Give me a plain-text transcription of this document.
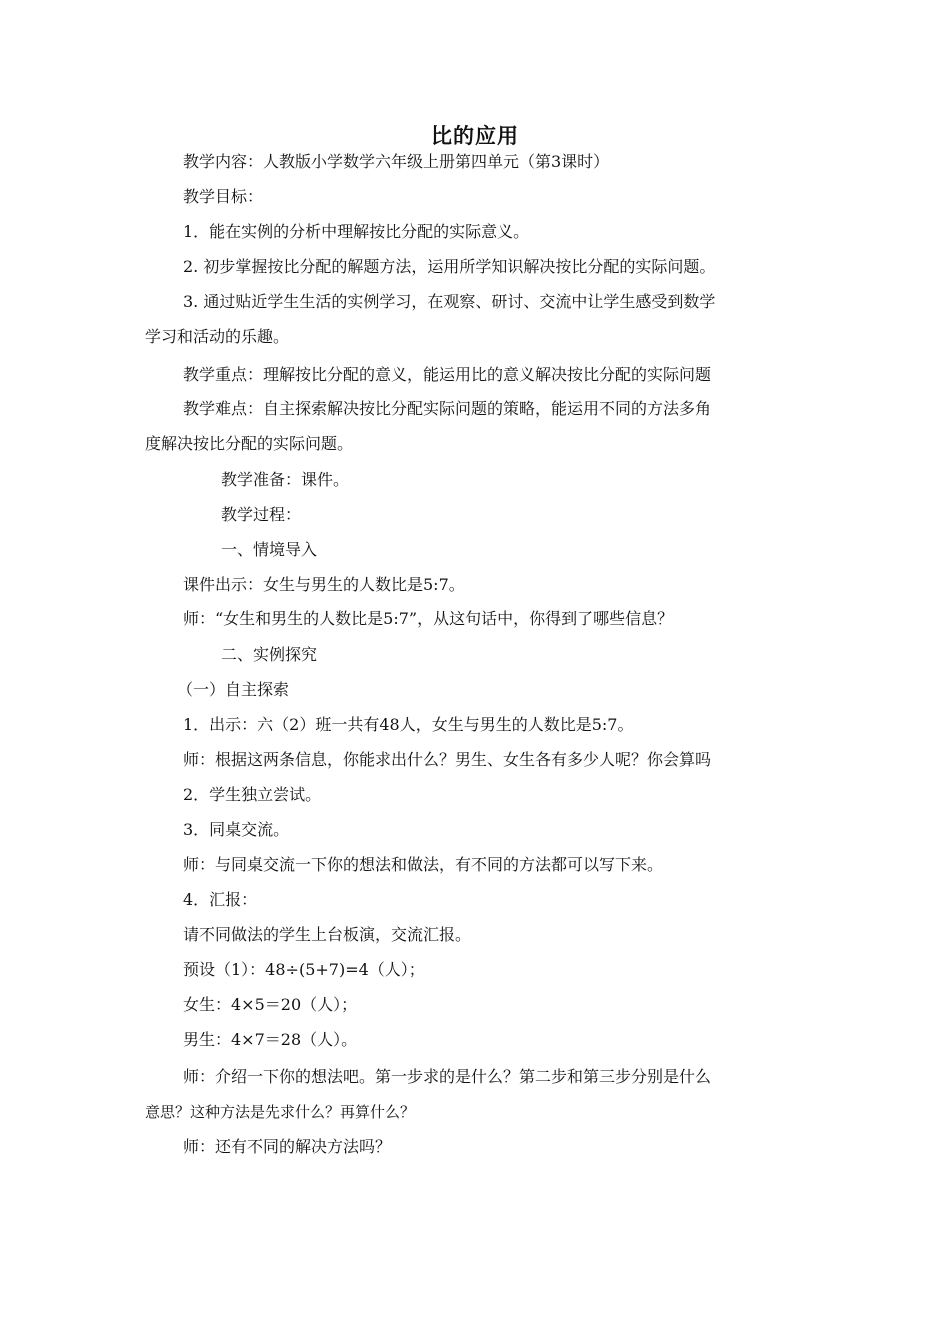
比的应用
教学内容：人教版小学数学六年级上册第四单元（第3课时）
教学目标：
1．能在实例的分析中理解按比分配的实际意义。
2. 初步掌握按比分配的解题方法，运用所学知识解决按比分配的实际问题。
3. 通过贴近学生生活的实例学习，在观察、研讨、交流中让学生感受到数学
学习和活动的乐趣。
教学重点：理解按比分配的意义，能运用比的意义解决按比分配的实际问题
教学难点：自主探索解决按比分配实际问题的策略，能运用不同的方法多角
度解决按比分配的实际问题。
教学准备：课件。
教学过程：
一、情境导入
课件出示：女生与男生的人数比是5:7。
师：“女生和男生的人数比是5:7”，从这句话中，你得到了哪些信息？
二、实例探究
（一）自主探索
1．出示：六（2）班一共有48人，女生与男生的人数比是5:7。
师：根据这两条信息，你能求出什么？男生、女生各有多少人呢？你会算吗
2．学生独立尝试。
3．同桌交流。
师：与同桌交流一下你的想法和做法，有不同的方法都可以写下来。
4．汇报：
请不同做法的学生上台板演，交流汇报。
预设（1）：48÷(5+7)=4（人）；
女生：4×5＝20（人）；
男生：4×7＝28（人）。
师：介绍一下你的想法吧。第一步求的是什么？第二步和第三步分别是什么
意思？这种方法是先求什么？再算什么？
师：还有不同的解决方法吗？
